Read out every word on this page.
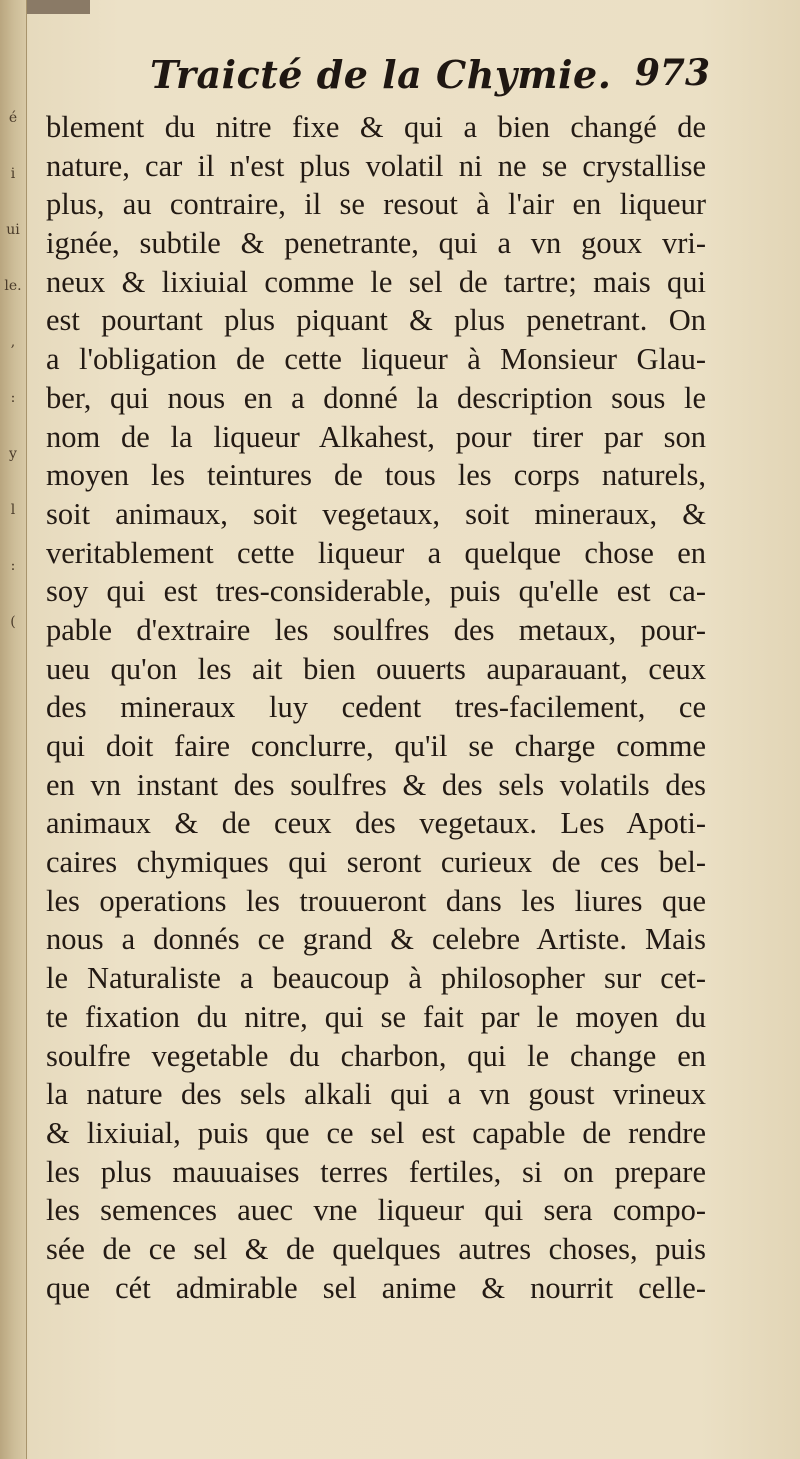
é
i
ui
le.
,
:
y
l
:
(
Traicté de la Chymie. 973
blement du nitre fixe & qui a bien changé de
nature, car il n'est plus volatil ni ne se crystallise
plus, au contraire, il se resout à l'air en liqueur
ignée, subtile & penetrante, qui a vn goux vri-
neux & lixiuial comme le sel de tartre; mais qui
est pourtant plus piquant & plus penetrant. On
a l'obligation de cette liqueur à Monsieur Glau-
ber, qui nous en a donné la description sous le
nom de la liqueur Alkahest, pour tirer par son
moyen les teintures de tous les corps naturels,
soit animaux, soit vegetaux, soit mineraux, &
veritablement cette liqueur a quelque chose en
soy qui est tres-considerable, puis qu'elle est ca-
pable d'extraire les soulfres des metaux, pour-
ueu qu'on les ait bien ouuerts auparauant, ceux
des mineraux luy cedent tres-facilement, ce
qui doit faire conclurre, qu'il se charge comme
en vn instant des soulfres & des sels volatils des
animaux & de ceux des vegetaux. Les Apoti-
caires chymiques qui seront curieux de ces bel-
les operations les trouueront dans les liures que
nous a donnés ce grand & celebre Artiste. Mais
le Naturaliste a beaucoup à philosopher sur cet-
te fixation du nitre, qui se fait par le moyen du
soulfre vegetable du charbon, qui le change en
la nature des sels alkali qui a vn goust vrineux
& lixiuial, puis que ce sel est capable de rendre
les plus mauuaises terres fertiles, si on prepare
les semences auec vne liqueur qui sera compo-
sée de ce sel & de quelques autres choses, puis
que cét admirable sel anime & nourrit celle-
